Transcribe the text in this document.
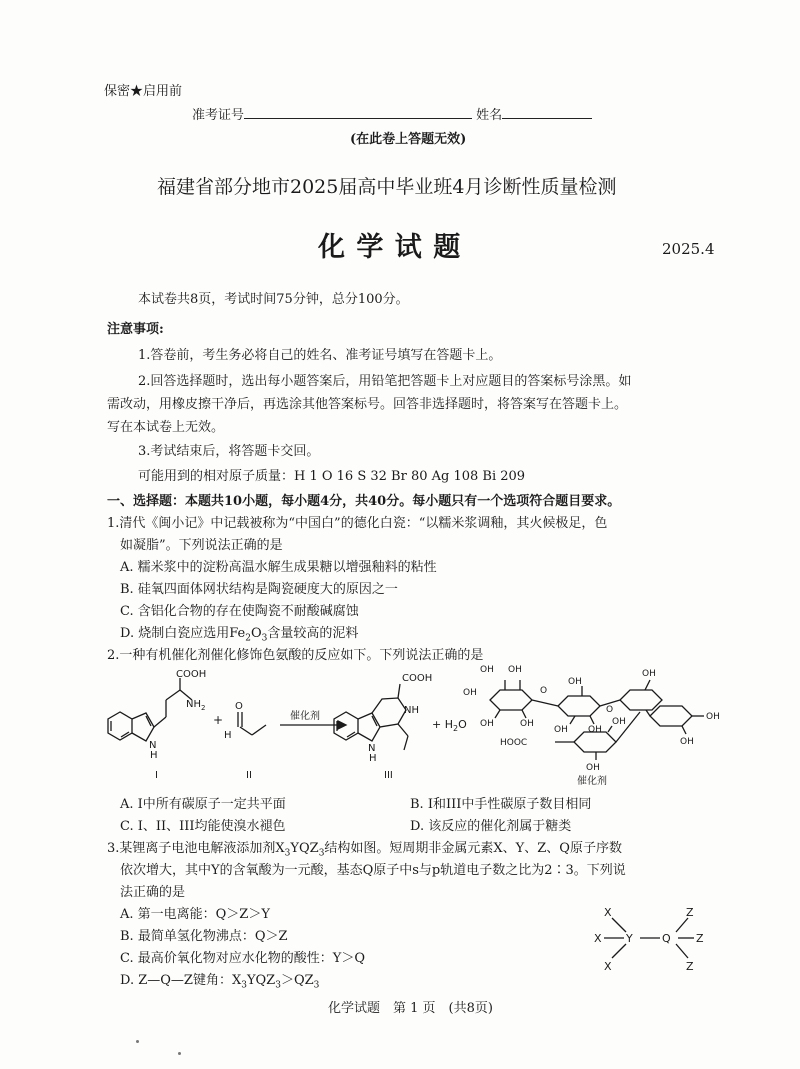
保密★启用前
准考证号	姓名
(在此卷上答题无效)
福建省部分地市2025届高中毕业班4月诊断性质量检测
化 学 试 题	2025.4
本试卷共8页，考试时间75分钟，总分100分。
注意事项:
1.答卷前，考生务必将自己的姓名、准考证号填写在答题卡上。
2.回答选择题时，选出每小题答案后，用铅笔把答题卡上对应题目的答案标号涂黑。如
需改动，用橡皮擦干净后，再选涂其他答案标号。回答非选择题时，将答案写在答题卡上。
写在本试卷上无效。
3.考试结束后，将答题卡交回。
可能用到的相对原子质量：H 1 O 16 S 32 Br 80 Ag 108 Bi 209
一、选择题：本题共10小题，每小题4分，共40分。每小题只有一个选项符合题目要求。
1.清代《闽小记》中记载被称为“中国白”的德化白瓷：“以糯米浆调釉，其火候极足，色
如凝脂”。下列说法正确的是
A. 糯米浆中的淀粉高温水解生成果糖以增强釉料的粘性
B. 硅氧四面体网状结构是陶瓷硬度大的原因之一
C. 含铝化合物的存在使陶瓷不耐酸碱腐蚀
D. 烧制白瓷应选用$Fe_2O_3$含量较高的泥料
2.一种有机催化剂催化修饰色氨酸的反应如下。下列说法正确的是
COOH
$NH_2$
N
H
+
O
H
催化剂
COOH
NH
N
H
+ $H_2O$
I	II	III
OH OH
OH
OH	OH
OH
OH OH
OH
OH
OH
OH
OH
O
O
HOOC
催化剂
A. I中所有碳原子一定共平面	B. I和III中手性碳原子数目相同
C. I、II、III均能使溴水褪色	D. 该反应的催化剂属于糖类
3.某锂离子电池电解液添加剂$X_3YQZ_3$结构如图。短周期非金属元素X、Y、Z、Q原子序数
依次增大，其中Y的含氧酸为一元酸，基态Q原子中s与p轨道电子数之比为2∶3。下列说
法正确的是
A. 第一电离能：Q＞Z＞Y
B. 最简单氢化物沸点：Q＞Z
C. 最高价氧化物对应水化物的酸性：Y＞Q
D. Z—Q—Z键角：$X_3YQZ_3>QZ_3$
X
X
X
Y	Q
Z
Z
Z
化学试题　第 1 页　(共8页)
